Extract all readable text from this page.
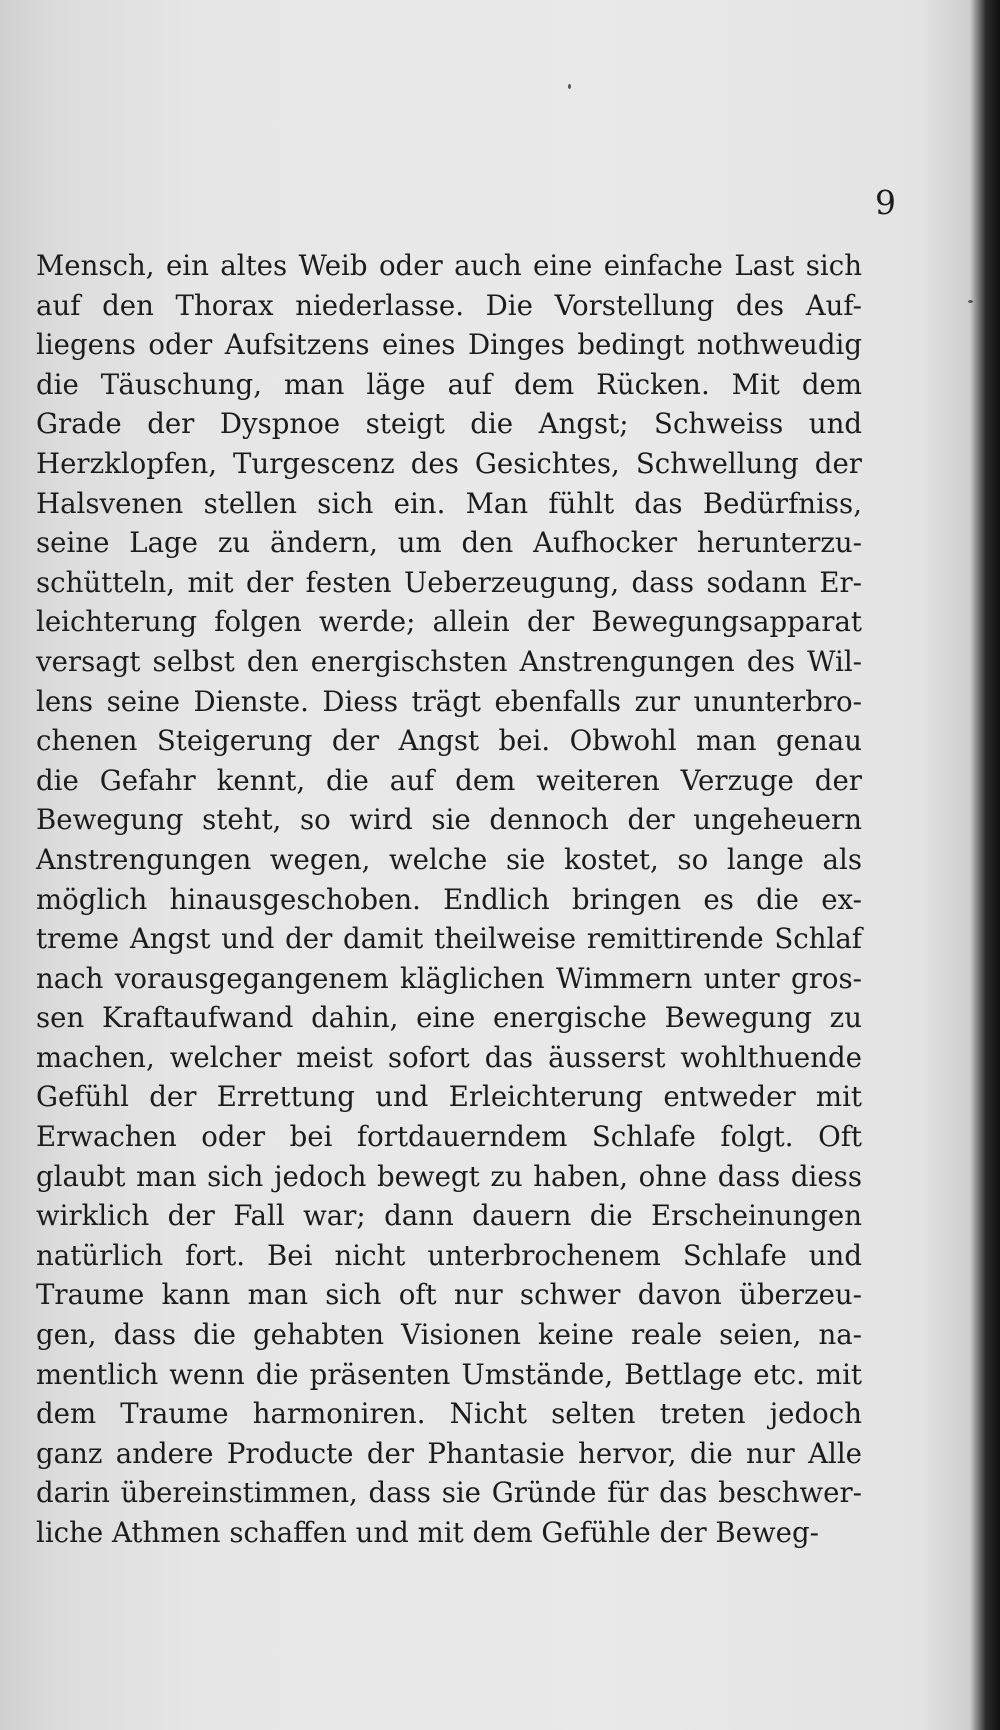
9
Mensch, ein altes Weib oder auch eine einfache Last sich
auf den Thorax niederlasse. Die Vorstellung des Auf-
liegens oder Aufsitzens eines Dinges bedingt nothweudig
die Täuschung, man läge auf dem Rücken. Mit dem
Grade der Dyspnoe steigt die Angst; Schweiss und
Herzklopfen, Turgescenz des Gesichtes, Schwellung der
Halsvenen stellen sich ein. Man fühlt das Bedürfniss,
seine Lage zu ändern, um den Aufhocker herunterzu-
schütteln, mit der festen Ueberzeugung, dass sodann Er-
leichterung folgen werde; allein der Bewegungsapparat
versagt selbst den energischsten Anstrengungen des Wil-
lens seine Dienste. Diess trägt ebenfalls zur ununterbro-
chenen Steigerung der Angst bei. Obwohl man genau
die Gefahr kennt, die auf dem weiteren Verzuge der
Bewegung steht, so wird sie dennoch der ungeheuern
Anstrengungen wegen, welche sie kostet, so lange als
möglich hinausgeschoben. Endlich bringen es die ex-
treme Angst und der damit theilweise remittirende Schlaf
nach vorausgegangenem kläglichen Wimmern unter gros-
sen Kraftaufwand dahin, eine energische Bewegung zu
machen, welcher meist sofort das äusserst wohlthuende
Gefühl der Errettung und Erleichterung entweder mit
Erwachen oder bei fortdauerndem Schlafe folgt. Oft
glaubt man sich jedoch bewegt zu haben, ohne dass diess
wirklich der Fall war; dann dauern die Erscheinungen
natürlich fort. Bei nicht unterbrochenem Schlafe und
Traume kann man sich oft nur schwer davon überzeu-
gen, dass die gehabten Visionen keine reale seien, na-
mentlich wenn die präsenten Umstände, Bettlage etc. mit
dem Traume harmoniren. Nicht selten treten jedoch
ganz andere Producte der Phantasie hervor, die nur Alle
darin übereinstimmen, dass sie Gründe für das beschwer-
liche Athmen schaffen und mit dem Gefühle der Beweg-
